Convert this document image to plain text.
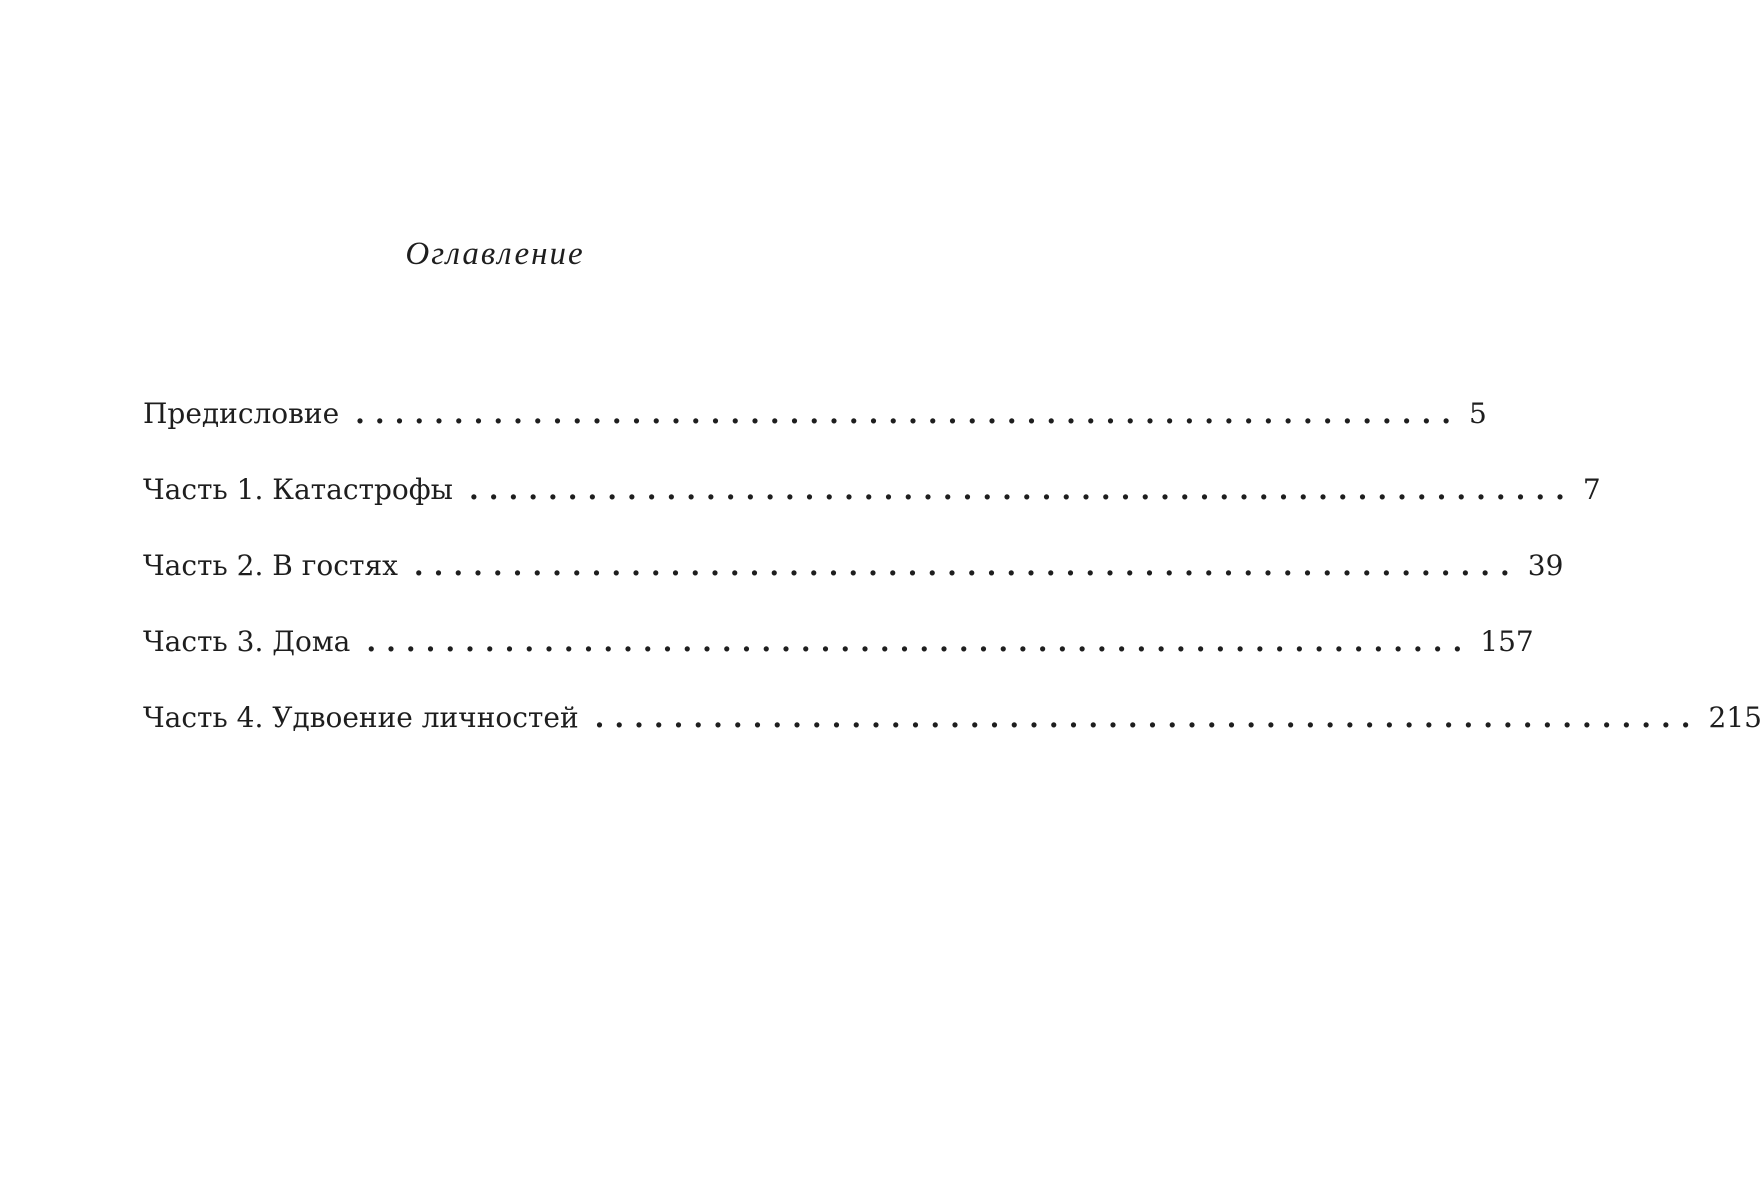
Оглавление
Предисловие ........................................................ 5
Часть 1. Катастрофы ........................................................ 7
Часть 2. В гостях ........................................................ 39
Часть 3. Дома ........................................................ 157
Часть 4. Удвоение личностей ........................................................ 215
